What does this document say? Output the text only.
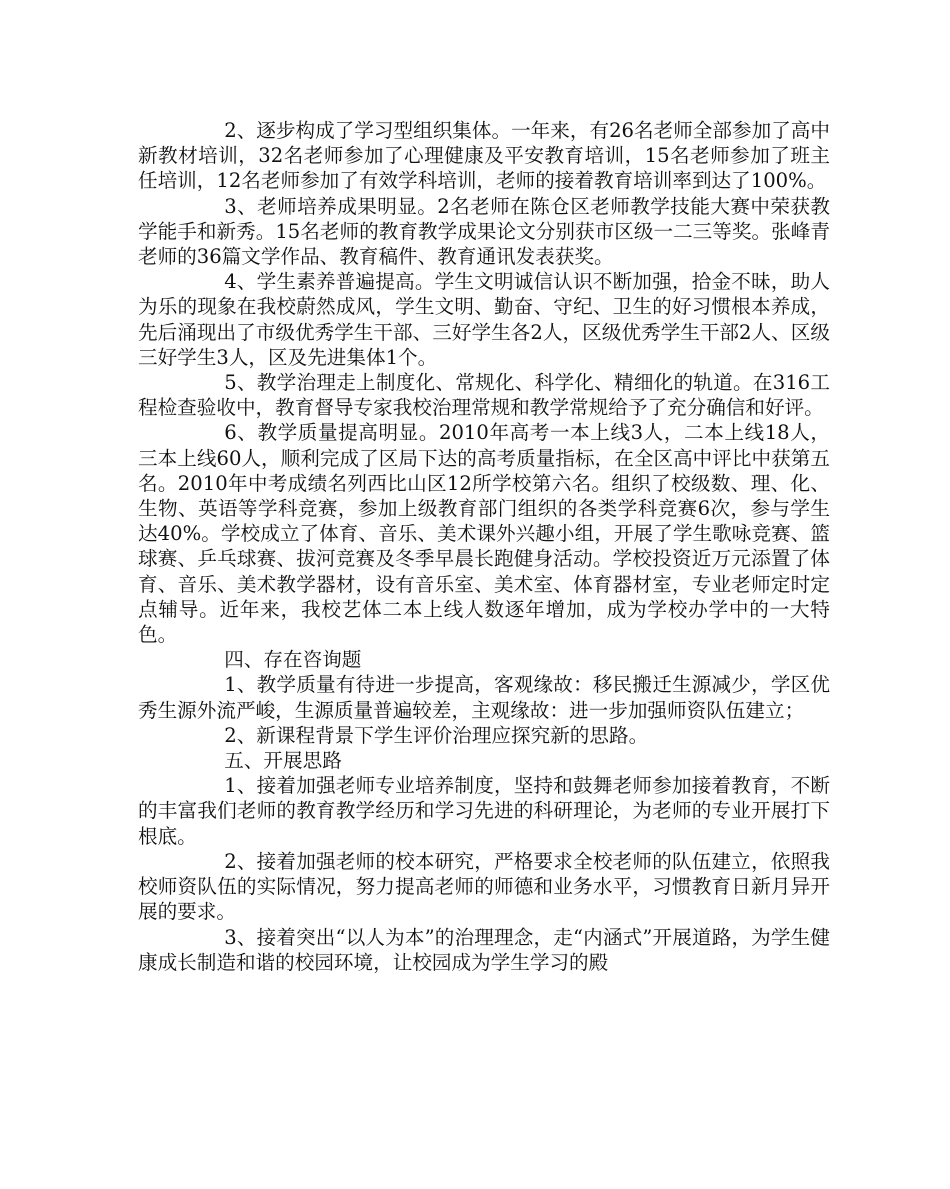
2、逐步构成了学习型组织集体。一年来，有26名老师全部参加了高中新教材培训，32名老师参加了心理健康及平安教育培训，15名老师参加了班主任培训，12名老师参加了有效学科培训，老师的接着教育培训率到达了100%。

3、老师培养成果明显。2名老师在陈仓区老师教学技能大赛中荣获教学能手和新秀。15名老师的教育教学成果论文分别获市区级一二三等奖。张峰青老师的36篇文学作品、教育稿件、教育通讯发表获奖。

4、学生素养普遍提高。学生文明诚信认识不断加强，拾金不昧，助人为乐的现象在我校蔚然成风，学生文明、勤奋、守纪、卫生的好习惯根本养成，先后涌现出了市级优秀学生干部、三好学生各2人，区级优秀学生干部2人、区级三好学生3人，区及先进集体1个。

5、教学治理走上制度化、常规化、科学化、精细化的轨道。在316工程检查验收中，教育督导专家我校治理常规和教学常规给予了充分确信和好评。

6、教学质量提高明显。2010年高考一本上线3人，二本上线18人，三本上线60人，顺利完成了区局下达的高考质量指标，在全区高中评比中获第五名。2010年中考成绩名列西比山区12所学校第六名。组织了校级数、理、化、生物、英语等学科竞赛，参加上级教育部门组织的各类学科竞赛6次，参与学生达40%。学校成立了体育、音乐、美术课外兴趣小组，开展了学生歌咏竞赛、篮球赛、乒乓球赛、拔河竞赛及冬季早晨长跑健身活动。学校投资近万元添置了体育、音乐、美术教学器材，设有音乐室、美术室、体育器材室，专业老师定时定点辅导。近年来，我校艺体二本上线人数逐年增加，成为学校办学中的一大特色。

四、存在咨询题

1、教学质量有待进一步提高，客观缘故：移民搬迁生源减少，学区优秀生源外流严峻，生源质量普遍较差，主观缘故：进一步加强师资队伍建立；

2、新课程背景下学生评价治理应探究新的思路。

五、开展思路

1、接着加强老师专业培养制度，坚持和鼓舞老师参加接着教育，不断的丰富我们老师的教育教学经历和学习先进的科研理论，为老师的专业开展打下根底。

2、接着加强老师的校本研究，严格要求全校老师的队伍建立，依照我校师资队伍的实际情况，努力提高老师的师德和业务水平，习惯教育日新月异开展的要求。

3、接着突出“以人为本”的治理理念，走“内涵式”开展道路，为学生健康成长制造和谐的校园环境，让校园成为学生学习的殿
